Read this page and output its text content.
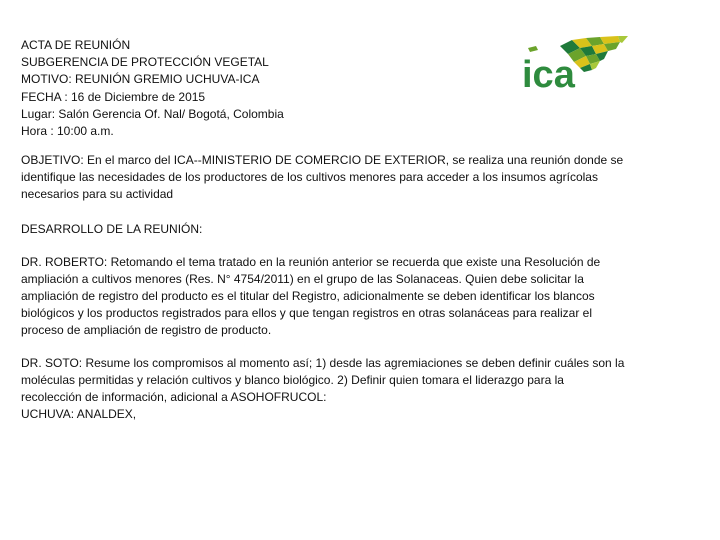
ACTA DE REUNIÓN
SUBGERENCIA DE PROTECCIÓN VEGETAL
MOTIVO: REUNIÓN GREMIO UCHUVA-ICA
FECHA : 16 de Diciembre de 2015
Lugar: Salón Gerencia Of. Nal/ Bogotá, Colombia
Hora : 10:00 a.m.
ica
OBJETIVO: En el marco del ICA--MINISTERIO DE COMERCIO DE EXTERIOR, se realiza una reunión donde se
identifique las necesidades de los productores de los cultivos menores para acceder a los insumos agrícolas
necesarios para su actividad
DESARROLLO DE LA REUNIÓN:
DR. ROBERTO: Retomando el tema tratado en la reunión anterior se recuerda que existe una Resolución de
ampliación a cultivos menores (Res. N° 4754/2011) en el grupo de las Solanaceas. Quien debe solicitar la
ampliación de registro del producto es el titular del Registro, adicionalmente se deben identificar los blancos
biológicos y los productos registrados para ellos y que tengan registros en otras solanáceas para realizar el
proceso de ampliación de registro de producto.
DR. SOTO: Resume los compromisos al momento así; 1) desde las agremiaciones se deben definir cuáles son la
moléculas permitidas y relación cultivos y blanco biológico. 2) Definir quien tomara el liderazgo para la
recolección de información, adicional a ASOHOFRUCOL:
UCHUVA: ANALDEX,
